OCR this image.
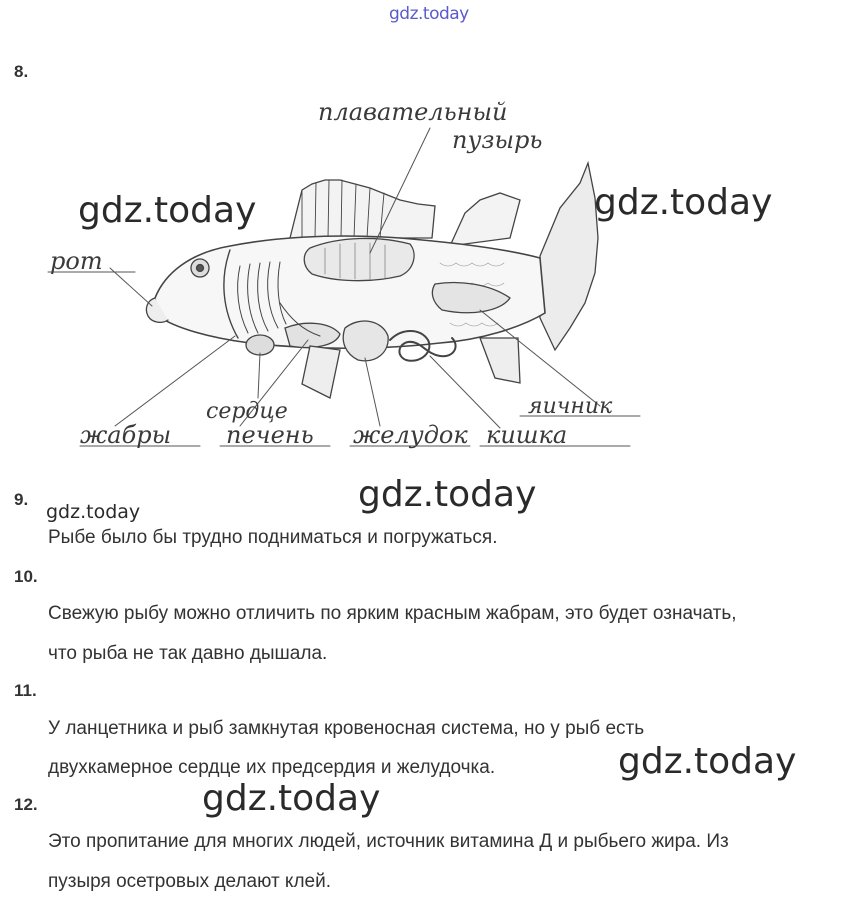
gdz.today
8.
плавательный
пузырь
рот
сердце
жабры печень желудок кишка
яичник
gdz.today	gdz.today
gdz.today
gdz.today
gdz.today
gdz.today
9.
Рыбе было бы трудно подниматься и погружаться.
10.
Свежую рыбу можно отличить по ярким красным жабрам, это будет означать,
что рыба не так давно дышала.
11.
У ланцетника и рыб замкнутая кровеносная система, но у рыб есть
двухкамерное сердце их предсердия и желудочка.
12.
Это пропитание для многих людей, источник витамина Д и рыбьего жира. Из
пузыря осетровых делают клей.
